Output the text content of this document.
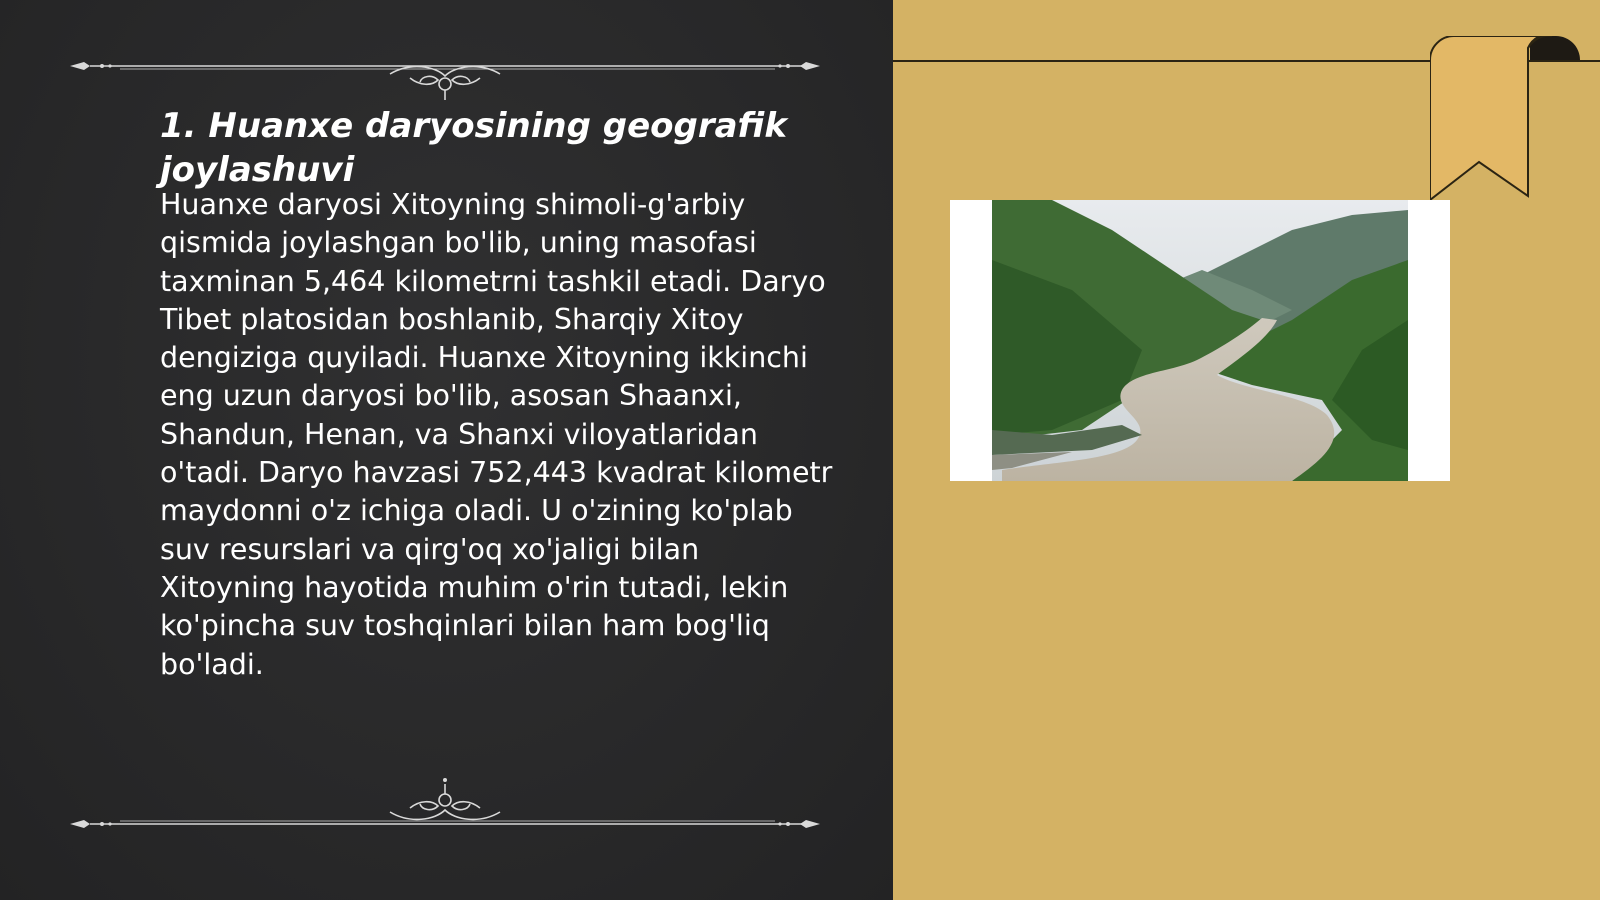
1. Huanxe daryosining geografik joylashuvi

Huanxe daryosi Xitoyning shimoli-g'arbiy qismida joylashgan bo'lib, uning masofasi taxminan 5,464 kilometrni tashkil etadi. Daryo Tibet platosidan boshlanib, Sharqiy Xitoy dengiziga quyiladi. Huanxe Xitoyning ikkinchi eng uzun daryosi bo'lib, asosan Shaanxi, Shandun, Henan, va Shanxi viloyatlaridan o'tadi. Daryo havzasi 752,443 kvadrat kilometr maydonni o'z ichiga oladi. U o'zining ko'plab suv resurslari va qirg'oq xo'jaligi bilan Xitoyning hayotida muhim o'rin tutadi, lekin ko'pincha suv toshqinlari bilan ham bog'liq bo'ladi.
